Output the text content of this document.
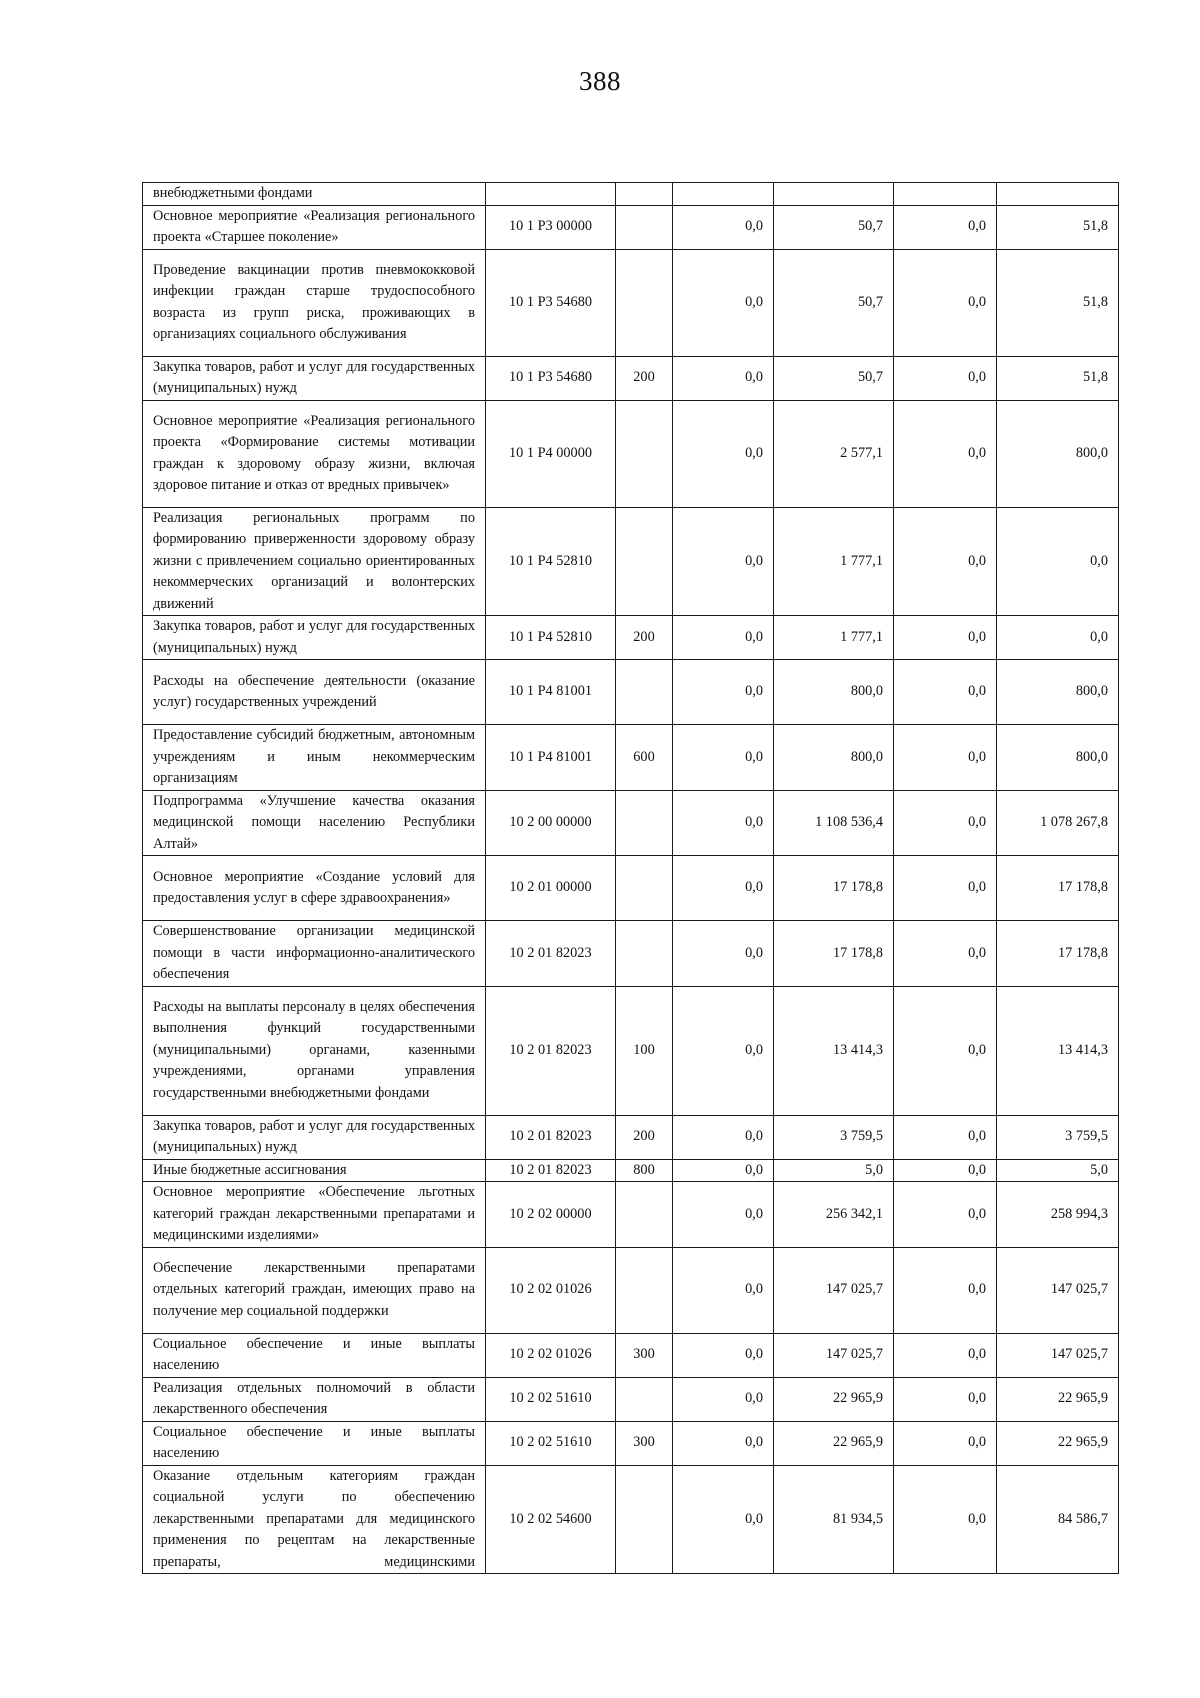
388
внебюджетными фондами						
Основное мероприятие «Реализация регионального проекта «Старшее поколение»	10 1 P3 00000		0,0	50,7	0,0	51,8
Проведение вакцинации против пневмококковой инфекции граждан старше трудоспособного возраста из групп риска, проживающих в организациях социального обслуживания	10 1 P3 54680		0,0	50,7	0,0	51,8
Закупка товаров, работ и услуг для государственных (муниципальных) нужд	10 1 P3 54680	200	0,0	50,7	0,0	51,8
Основное мероприятие «Реализация регионального проекта «Формирование системы мотивации граждан к здоровому образу жизни, включая здоровое питание и отказ от вредных привычек»	10 1 P4 00000		0,0	2 577,1	0,0	800,0
Реализация региональных программ по формированию приверженности здоровому образу жизни с привлечением социально ориентированных некоммерческих организаций и волонтерских движений	10 1 P4 52810		0,0	1 777,1	0,0	0,0
Закупка товаров, работ и услуг для государственных (муниципальных) нужд	10 1 P4 52810	200	0,0	1 777,1	0,0	0,0
Расходы на обеспечение деятельности (оказание услуг) государственных учреждений	10 1 P4 81001		0,0	800,0	0,0	800,0
Предоставление субсидий бюджетным, автономным учреждениям и иным некоммерческим организациям	10 1 P4 81001	600	0,0	800,0	0,0	800,0
Подпрограмма «Улучшение качества оказания медицинской помощи населению Республики Алтай»	10 2 00 00000		0,0	1 108 536,4	0,0	1 078 267,8
Основное мероприятие «Создание условий для предоставления услуг в сфере здравоохранения»	10 2 01 00000		0,0	17 178,8	0,0	17 178,8
Совершенствование организации медицинской помощи в части информационно-аналитического обеспечения	10 2 01 82023		0,0	17 178,8	0,0	17 178,8
Расходы на выплаты персоналу в целях обеспечения выполнения функций государственными (муниципальными) органами, казенными учреждениями, органами управления государственными внебюджетными фондами	10 2 01 82023	100	0,0	13 414,3	0,0	13 414,3
Закупка товаров, работ и услуг для государственных (муниципальных) нужд	10 2 01 82023	200	0,0	3 759,5	0,0	3 759,5
Иные бюджетные ассигнования	10 2 01 82023	800	0,0	5,0	0,0	5,0
Основное мероприятие «Обеспечение льготных категорий граждан лекарственными препаратами и медицинскими изделиями»	10 2 02 00000		0,0	256 342,1	0,0	258 994,3
Обеспечение лекарственными препаратами отдельных категорий граждан, имеющих право на получение мер социальной поддержки	10 2 02 01026		0,0	147 025,7	0,0	147 025,7
Социальное обеспечение и иные выплаты населению	10 2 02 01026	300	0,0	147 025,7	0,0	147 025,7
Реализация отдельных полномочий в области лекарственного обеспечения	10 2 02 51610		0,0	22 965,9	0,0	22 965,9
Социальное обеспечение и иные выплаты населению	10 2 02 51610	300	0,0	22 965,9	0,0	22 965,9
Оказание отдельным категориям граждан социальной услуги по обеспечению лекарственными препаратами для медицинского применения по рецептам на лекарственные препараты, медицинскими	10 2 02 54600		0,0	81 934,5	0,0	84 586,7
